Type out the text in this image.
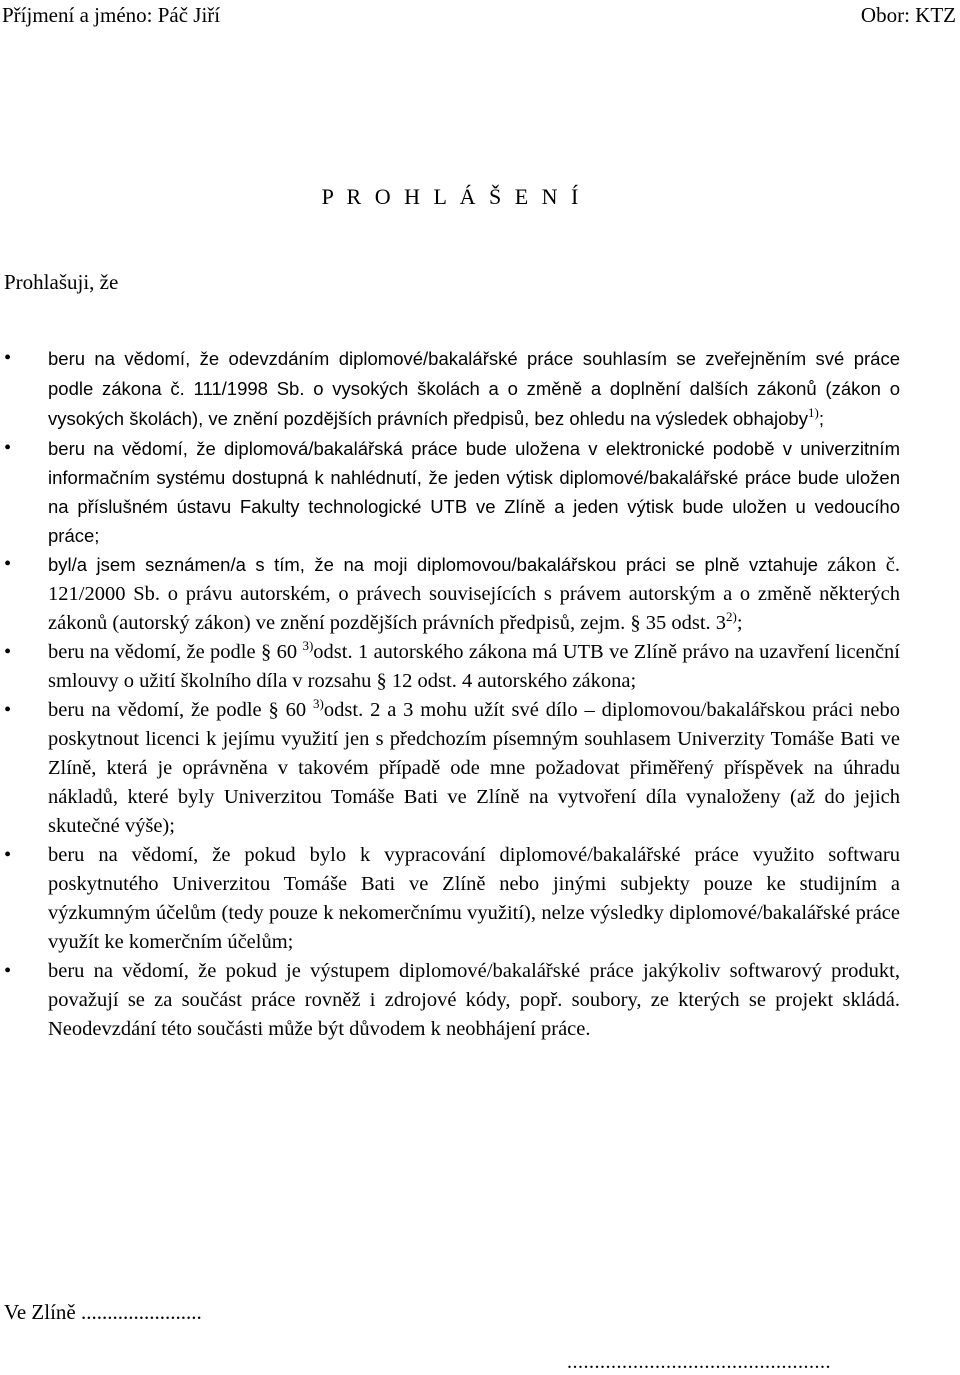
Příjmení a jméno: Páč Jiří	Obor: KTZ
P R O H L Á Š E N Í
Prohlašuji, že
• beru na vědomí, že odevzdáním diplomové/bakalářské práce souhlasím se zveřejněním své práce podle zákona č. 111/1998 Sb. o vysokých školách a o změně a doplnění dalších zákonů (zákon o vysokých školách), ve znění pozdějších právních předpisů, bez ohledu na výsledek obhajoby$^{1)}$;
• beru na vědomí, že diplomová/bakalářská práce bude uložena v elektronické podobě v univerzitním informačním systému dostupná k nahlédnutí, že jeden výtisk diplomové/bakalářské práce bude uložen na příslušném ústavu Fakulty technologické UTB ve Zlíně a jeden výtisk bude uložen u vedoucího práce;
• byl/a jsem seznámen/a s tím, že na moji diplomovou/bakalářskou práci se plně vztahuje zákon č. 121/2000 Sb. o právu autorském, o právech souvisejících s právem autorským a o změně některých zákonů (autorský zákon) ve znění pozdějších právních předpisů, zejm. § 35 odst. 3$^{2)}$;
• beru na vědomí, že podle § 60 $^{3)}$odst. 1 autorského zákona má UTB ve Zlíně právo na uzavření licenční smlouvy o užití školního díla v rozsahu § 12 odst. 4 autorského zákona;
• beru na vědomí, že podle § 60 $^{3)}$odst. 2 a 3 mohu užít své dílo – diplomovou/bakalářskou práci nebo poskytnout licenci k jejímu využití jen s předchozím písemným souhlasem Univerzity Tomáše Bati ve Zlíně, která je oprávněna v takovém případě ode mne požadovat přiměřený příspěvek na úhradu nákladů, které byly Univerzitou Tomáše Bati ve Zlíně na vytvoření díla vynaloženy (až do jejich skutečné výše);
• beru na vědomí, že pokud bylo k vypracování diplomové/bakalářské práce využito softwaru poskytnutého Univerzitou Tomáše Bati ve Zlíně nebo jinými subjekty pouze ke studijním a výzkumným účelům (tedy pouze k nekomerčnímu využití), nelze výsledky diplomové/bakalářské práce využít ke komerčním účelům;
• beru na vědomí, že pokud je výstupem diplomové/bakalářské práce jakýkoliv softwarový produkt, považují se za součást práce rovněž i zdrojové kódy, popř. soubory, ze kterých se projekt skládá. Neodevzdání této součásti může být důvodem k neobhájení práce.
Ve Zlíně .......................
................................................
